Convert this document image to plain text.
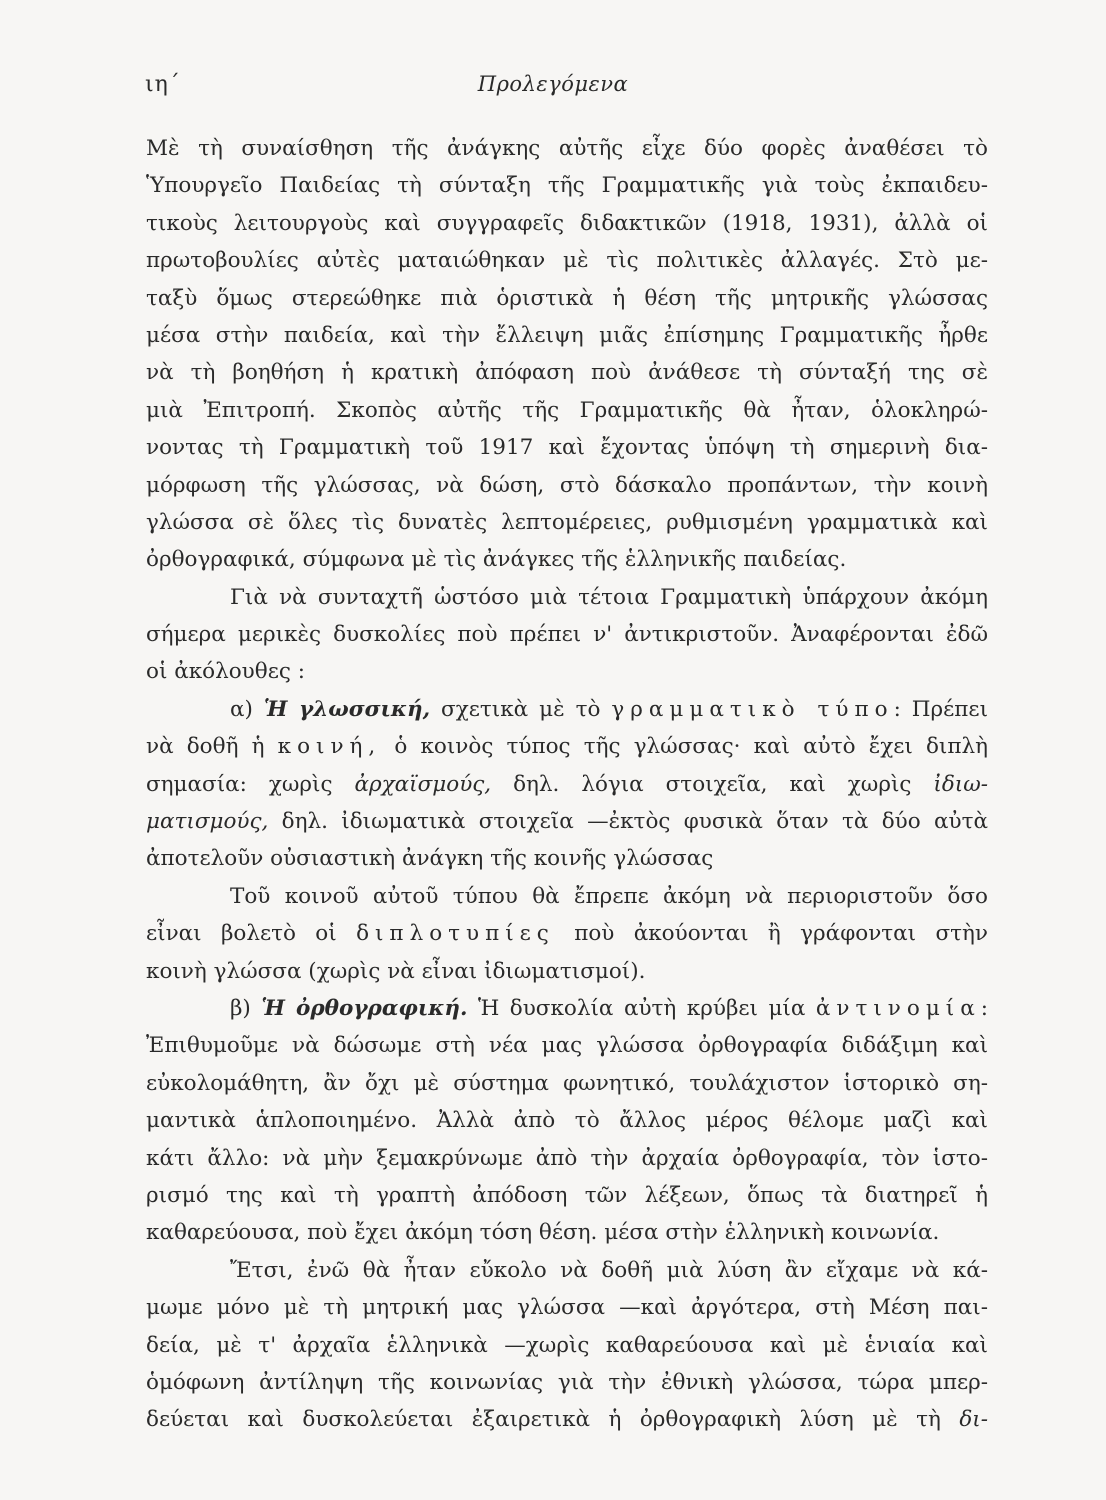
ιη΄	Προλεγόμενα
Μὲ τὴ συναίσθηση τῆς ἀνάγκης αὐτῆς εἶχε δύο φορὲς ἀναθέσει τὸ
Ὑπουργεῖο Παιδείας τὴ σύνταξη τῆς Γραμματικῆς γιὰ τοὺς ἐκπαιδευ-
τικοὺς λειτουργοὺς καὶ συγγραφεῖς διδακτικῶν (1918, 1931), ἀλλὰ οἱ
πρωτοβουλίες αὐτὲς ματαιώθηκαν μὲ τὶς πολιτικὲς ἀλλαγές. Στὸ με-
ταξὺ ὅμως στερεώθηκε πιὰ ὁριστικὰ ἡ θέση τῆς μητρικῆς γλώσσας
μέσα στὴν παιδεία, καὶ τὴν ἔλλειψη μιᾶς ἐπίσημης Γραμματικῆς ἦρθε
νὰ τὴ βοηθήση ἡ κρατικὴ ἀπόφαση ποὺ ἀνάθεσε τὴ σύνταξή της σὲ
μιὰ Ἐπιτροπή. Σκοπὸς αὐτῆς τῆς Γραμματικῆς θὰ ἦταν, ὁλοκληρώ-
νοντας τὴ Γραμματικὴ τοῦ 1917 καὶ ἔχοντας ὑπόψη τὴ σημερινὴ δια-
μόρφωση τῆς γλώσσας, νὰ δώση, στὸ δάσκαλο προπάντων, τὴν κοινὴ
γλώσσα σὲ ὅλες τὶς δυνατὲς λεπτομέρειες, ρυθμισμένη γραμματικὰ καὶ
ὀρθογραφικά, σύμφωνα μὲ τὶς ἀνάγκες τῆς ἑλληνικῆς παιδείας.
Γιὰ νὰ συνταχτῆ ὡστόσο μιὰ τέτοια Γραμματικὴ ὑπάρχουν ἀκόμη
σήμερα μερικὲς δυσκολίες ποὺ πρέπει ν' ἀντικριστοῦν. Ἀναφέρονται ἐδῶ
οἱ ἀκόλουθες :
α) Ἡ γλωσσική, σχετικὰ μὲ τὸ γραμματικὸ τύπο: Πρέπει
νὰ δοθῆ ἡ κοινή, ὁ κοινὸς τύπος τῆς γλώσσας· καὶ αὐτὸ ἔχει διπλὴ
σημασία: χωρὶς ἀρχαϊσμούς, δηλ. λόγια στοιχεῖα, καὶ χωρὶς ἰδιω-
ματισμούς, δηλ. ἰδιωματικὰ στοιχεῖα —ἐκτὸς φυσικὰ ὅταν τὰ δύο αὐτὰ
ἀποτελοῦν οὐσιαστικὴ ἀνάγκη τῆς κοινῆς γλώσσας
Τοῦ κοινοῦ αὐτοῦ τύπου θὰ ἔπρεπε ἀκόμη νὰ περιοριστοῦν ὅσο
εἶναι βολετὸ οἱ διπλοτυπίες ποὺ ἀκούονται ἢ γράφονται στὴν
κοινὴ γλώσσα (χωρὶς νὰ εἶναι ἰδιωματισμοί).
β) Ἡ ὀρθογραφική. Ἡ δυσκολία αὐτὴ κρύβει μία ἀντινομία:
Ἐπιθυμοῦμε νὰ δώσωμε στὴ νέα μας γλώσσα ὀρθογραφία διδάξιμη καὶ
εὐκολομάθητη, ἂν ὄχι μὲ σύστημα φωνητικό, τουλάχιστον ἱστορικὸ ση-
μαντικὰ ἁπλοποιημένο. Ἀλλὰ ἀπὸ τὸ ἄλλος μέρος θέλομε μαζὶ καὶ
κάτι ἄλλο: νὰ μὴν ξεμακρύνωμε ἀπὸ τὴν ἀρχαία ὀρθογραφία, τὸν ἱστο-
ρισμό της καὶ τὴ γραπτὴ ἀπόδοση τῶν λέξεων, ὅπως τὰ διατηρεῖ ἡ
καθαρεύουσα, ποὺ ἔχει ἀκόμη τόση θέση. μέσα στὴν ἑλληνικὴ κοινωνία.
Ἔτσι, ἐνῶ θὰ ἦταν εὔκολο νὰ δοθῆ μιὰ λύση ἂν εἴχαμε νὰ κά-
μωμε μόνο μὲ τὴ μητρική μας γλώσσα —καὶ ἀργότερα, στὴ Μέση παι-
δεία, μὲ τ' ἀρχαῖα ἑλληνικὰ —χωρὶς καθαρεύουσα καὶ μὲ ἑνιαία καὶ
ὁμόφωνη ἀντίληψη τῆς κοινωνίας γιὰ τὴν ἐθνικὴ γλώσσα, τώρα μπερ-
δεύεται καὶ δυσκολεύεται ἐξαιρετικὰ ἡ ὀρθογραφικὴ λύση μὲ τὴ δι-
